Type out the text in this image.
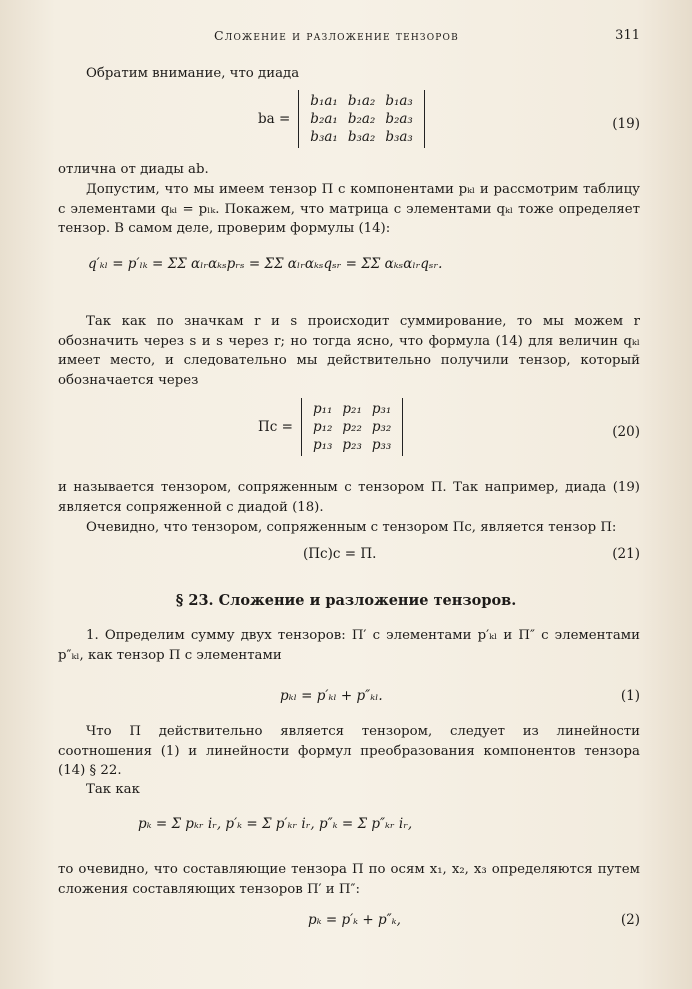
Сложение и разложение тензоров	311

Обратим внимание, что диада

ba =
b₁a₁	b₁a₂	b₁a₃
b₂a₁	b₂a₂	b₂a₃
b₃a₁	b₃a₂	b₃a₃
(19)

отлична от диады ab.

Допустим, что мы имеем тензор П с компонентами pₖₗ и рассмотрим таблицу с элементами qₖₗ = pₗₖ. Покажем, что матрица с элементами qₖₗ тоже определяет тензор. В самом деле, проверим формулы (14):

q′ₖₗ = p′ₗₖ = ΣΣ αₗᵣαₖₛpᵣₛ = ΣΣ αₗᵣαₖₛqₛᵣ = ΣΣ αₖₛαₗᵣqₛᵣ.

Так как по значкам r и s происходит суммирование, то мы можем r обозначить через s и s через r; но тогда ясно, что формула (14) для величин qₖₗ имеет место, и следовательно мы действительно получили тензор, который обозначается через

Пc =
p₁₁	p₂₁	p₃₁
p₁₂	p₂₂	p₃₂
p₁₃	p₂₃	p₃₃
(20)

и называется тензором, сопряженным с тензором П. Так например, диада (19) является сопряженной с диадой (18).

Очевидно, что тензором, сопряженным с тензором Пc, является тензор П:

(Пc)c = П.	(21)
§ 23. Сложение и разложение тензоров.

1. Определим сумму двух тензоров: П′ с элементами p′ₖₗ и П″ с элементами p″ₖₗ, как тензор П с элементами

pₖₗ = p′ₖₗ + p″ₖₗ.	(1)

Что П действительно является тензором, следует из линейности соотношения (1) и линейности формул преобразования компонентов тензора (14) § 22.

Так как

pₖ = Σ pₖᵣ iᵣ, p′ₖ = Σ p′ₖᵣ iᵣ, p″ₖ = Σ p″ₖᵣ iᵣ,

то очевидно, что составляющие тензора П по осям x₁, x₂, x₃ определяются путем сложения составляющих тензоров П′ и П″:

pₖ = p′ₖ + p″ₖ,	(2)
